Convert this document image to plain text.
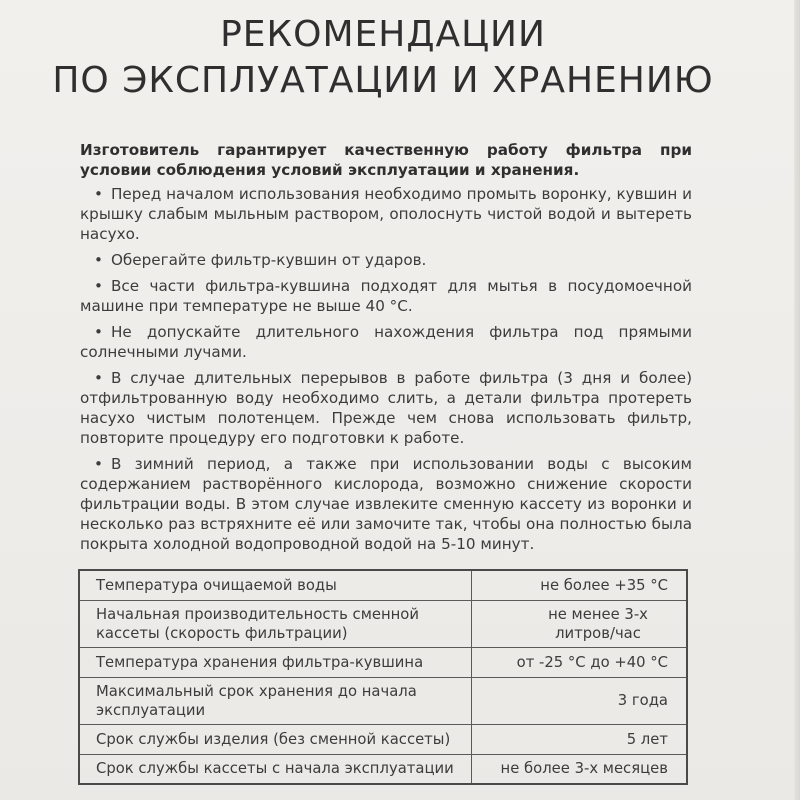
РЕКОМЕНДАЦИИ
ПО ЭКСПЛУАТАЦИИ И ХРАНЕНИЮ

Изготовитель гарантирует качественную работу фильтра при условии соблюдения условий эксплуатации и хранения.

• Перед началом использования необходимо промыть воронку, кувшин и крышку слабым мыльным раствором, ополоснуть чистой водой и вытереть насухо.

• Оберегайте фильтр-кувшин от ударов.

• Все части фильтра-кувшина подходят для мытья в посудомоечной машине при температуре не выше 40 °С.

• Не допускайте длительного нахождения фильтра под прямыми солнечными лучами.

• В случае длительных перерывов в работе фильтра (3 дня и более) отфильтрованную воду необходимо слить, а детали фильтра протереть насухо чистым полотенцем. Прежде чем снова использовать фильтр, повторите процедуру его подготовки к работе.

• В зимний период, а также при использовании воды с высоким содержанием растворённого кислорода, возможно снижение скорости фильтрации воды. В этом случае извлеките сменную кассету из воронки и несколько раз встряхните её или замочите так, чтобы она полностью была покрыта холодной водопроводной водой на 5-10 минут.

Температура очищаемой воды	не более +35 °С
Начальная производительность сменной кассеты (скорость фильтрации)	не менее 3-х литров/час

Температура хранения фильтра-кувшина	от -25 °С до +40 °С
Максимальный срок хранения до начала эксплуатации	3 года
Срок службы изделия (без сменной кассеты)	5 лет
Срок службы кассеты с начала эксплуатации	не более 3-х месяцев
